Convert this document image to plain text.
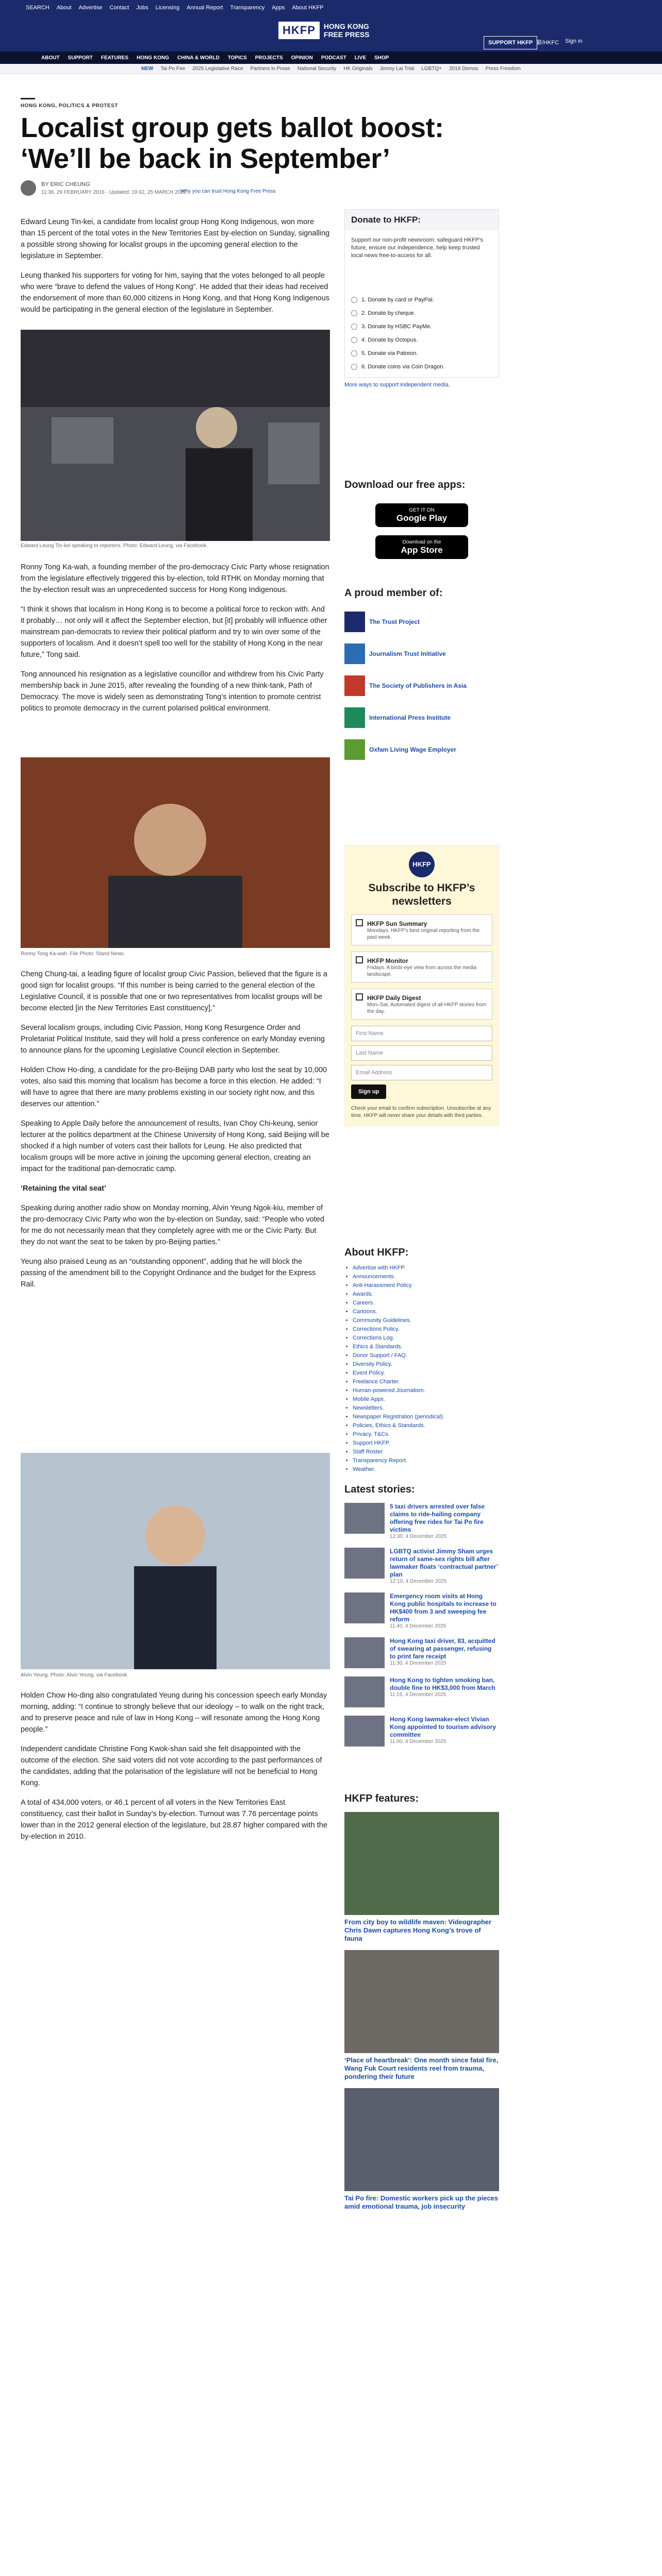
SEARCH About Advertise Contact Jobs Licensing Annual Report Transparency Apps About HKFP
HKFP	HONG KONG
FREE PRESS
SUPPORT HKFP 繁/HKFC Sign in
ABOUT SUPPORT FEATURES HONG KONG CHINA & WORLD TOPICS PROJECTS OPINION PODCAST LIVE SHOP
NEW Tai Po Fire 2025 Legislative Race Partners in Prose National Security HK Originals Jimmy Lai Trial LGBTQ+ 2019 Demos Press Freedom
HONG KONG, POLITICS & PROTEST
Localist group gets ballot boost: ‘We’ll be back in September’
BY ERIC CHEUNG
11:36, 29 FEBRUARY 2016 · Updated: 19:42, 25 MARCH 2020
Why you can trust Hong Kong Free Press

Edward Leung Tin-kei, a candidate from localist group Hong Kong Indigenous, won more than 15 percent of the total votes in the New Territories East by-election on Sunday, signalling a possible strong showing for localist groups in the upcoming general election to the legislature in September.

Leung thanked his supporters for voting for him, saying that the votes belonged to all people who were “brave to defend the values of Hong Kong”. He added that their ideas had received the endorsement of more than 60,000 citizens in Hong Kong, and that Hong Kong Indigenous would be participating in the general election of the legislature in September.

Edward Leung Tin-kei speaking to reporters. Photo: Edward Leung, via Facebook.

Ronny Tong Ka-wah, a founding member of the pro-democracy Civic Party whose resignation from the legislature effectively triggered this by-election, told RTHK on Monday morning that the by-election result was an unprecedented success for Hong Kong Indigenous.

“I think it shows that localism in Hong Kong is to become a political force to reckon with. And it probably… not only will it affect the September election, but [it] probably will influence other mainstream pan-democrats to review their political platform and try to win over some of the supporters of localism. And it doesn’t spell too well for the stability of Hong Kong in the near future,” Tong said.

Tong announced his resignation as a legislative councillor and withdrew from his Civic Party membership back in June 2015, after revealing the founding of a new think-tank, Path of Democracy. The move is widely seen as demonstrating Tong’s intention to promote centrist politics to promote democracy in the current polarised political environment.

Ronny Tong Ka-wah. File Photo: Stand News.

Cheng Chung-tai, a leading figure of localist group Civic Passion, believed that the figure is a good sign for localist groups. “If this number is being carried to the general election of the Legislative Council, it is possible that one or two representatives from localist groups will be become elected [in the New Territories East constituency],”

Several localism groups, including Civic Passion, Hong Kong Resurgence Order and Proletariat Political Institute, said they will hold a press conference on early Monday evening to announce plans for the upcoming Legislative Council election in September.

Holden Chow Ho-ding, a candidate for the pro-Beijing DAB party who lost the seat by 10,000 votes, also said this morning that localism has become a force in this election. He added: “I will have to agree that there are many problems existing in our society right now, and this deserves our attention.”

Speaking to Apple Daily before the announcement of results, Ivan Choy Chi-keung, senior lecturer at the politics department at the Chinese University of Hong Kong, said Beijing will be shocked if a high number of voters cast their ballots for Leung. He also predicted that localism groups will be more active in joining the upcoming general election, creating an impact for the traditional pan-democratic camp.

‘Retaining the vital seat’

Speaking during another radio show on Monday morning, Alvin Yeung Ngok-kiu, member of the pro-democracy Civic Party who won the by-election on Sunday, said: “People who voted for me do not necessarily mean that they completely agree with me or the Civic Party. But they do not want the seat to be taken by pro-Beijing parties.”

Yeung also praised Leung as an “outstanding opponent”, adding that he will block the passing of the amendment bill to the Copyright Ordinance and the budget for the Express Rail.

Alvin Yeung. Photo: Alvin Yeung, via Facebook.

Holden Chow Ho-ding also congratulated Yeung during his concession speech early Monday morning, adding: “I continue to strongly believe that our ideology – to walk on the right track, and to preserve peace and rule of law in Hong Kong – will resonate among the Hong Kong people.”

Independent candidate Christine Fong Kwok-shan said she felt disappointed with the outcome of the election. She said voters did not vote according to the past performances of the candidates, adding that the polarisation of the legislature will not be beneficial to Hong Kong.

A total of 434,000 voters, or 46.1 percent of all voters in the New Territories East constituency, cast their ballot in Sunday’s by-election. Turnout was 7.76 percentage points lower than in the 2012 general election of the legislature, but 28.87 higher compared with the by-election in 2010.

Donate to HKFP:
Support our non-profit newsroom: safeguard HKFP’s future, ensure our independence, help keep trusted local news free-to-access for all.
1. Donate by card or PayPal.
2. Donate by cheque.
3. Donate by HSBC PayMe.
4. Donate by Octopus.
5. Donate via Patreon.
6. Donate coins via Coin Dragon.
More ways to support independent media.
Download our free apps:
GET IT ON
Google Play
Download on the
App Store
A proud member of:
The Trust Project
Journalism Trust Initiative
The Society of Publishers in Asia
International Press Institute
Oxfam Living Wage Employer
HKFP
Subscribe to HKFP’s newsletters
HKFP Sun Summary
Mondays. HKFP’s best original reporting from the past week.
HKFP Monitor
Fridays. A birds-eye view from across the media landscape.
HKFP Daily Digest
Mon–Sat. Automated digest of all HKFP stories from the day.
First Name
Last Name
Email Address
Sign up
Check your email to confirm subscription. Unsubscribe at any time. HKFP will never share your details with third parties.
About HKFP:
• Advertise with HKFP.
• Announcements.
• Anti-Harassment Policy.
• Awards.
• Careers.
• Cartoons.
• Community Guidelines.
• Corrections Policy.
• Corrections Log.
• Ethics & Standards.
• Donor Support / FAQ.
• Diversity Policy.
• Event Policy.
• Freelance Charter.
• Human-powered Journalism.
• Mobile Apps.
• Newsletters.
• Newspaper Registration (periodical).
• Policies, Ethics & Standards.
• Privacy, T&Cs.
• Support HKFP.
• Staff Roster.
• Transparency Report.
• Weather.
Latest stories:
5 taxi drivers arrested over false claims to ride-hailing company offering free rides for Tai Po fire victims
12:30, 4 December 2025
LGBTQ activist Jimmy Sham urges return of same-sex rights bill after lawmaker floats ‘contractual partner’ plan
12:10, 4 December 2025
Emergency room visits at Hong Kong public hospitals to increase to HK$400 from 3 and sweeping fee reform
11:40, 4 December 2025
Hong Kong taxi driver, 83, acquitted of swearing at passenger, refusing to print fare receipt
11:30, 4 December 2025
Hong Kong to tighten smoking ban, double fine to HK$3,000 from March
11:15, 4 December 2025
Hong Kong lawmaker-elect Vivian Kong appointed to tourism advisory committee
11:00, 4 December 2025
HKFP features:
From city boy to wildlife maven: Videographer Chris Dawn captures Hong Kong’s trove of fauna
‘Place of heartbreak’: One month since fatal fire, Wang Fuk Court residents reel from trauma, pondering their future
Tai Po fire: Domestic workers pick up the pieces amid emotional trauma, job insecurity
